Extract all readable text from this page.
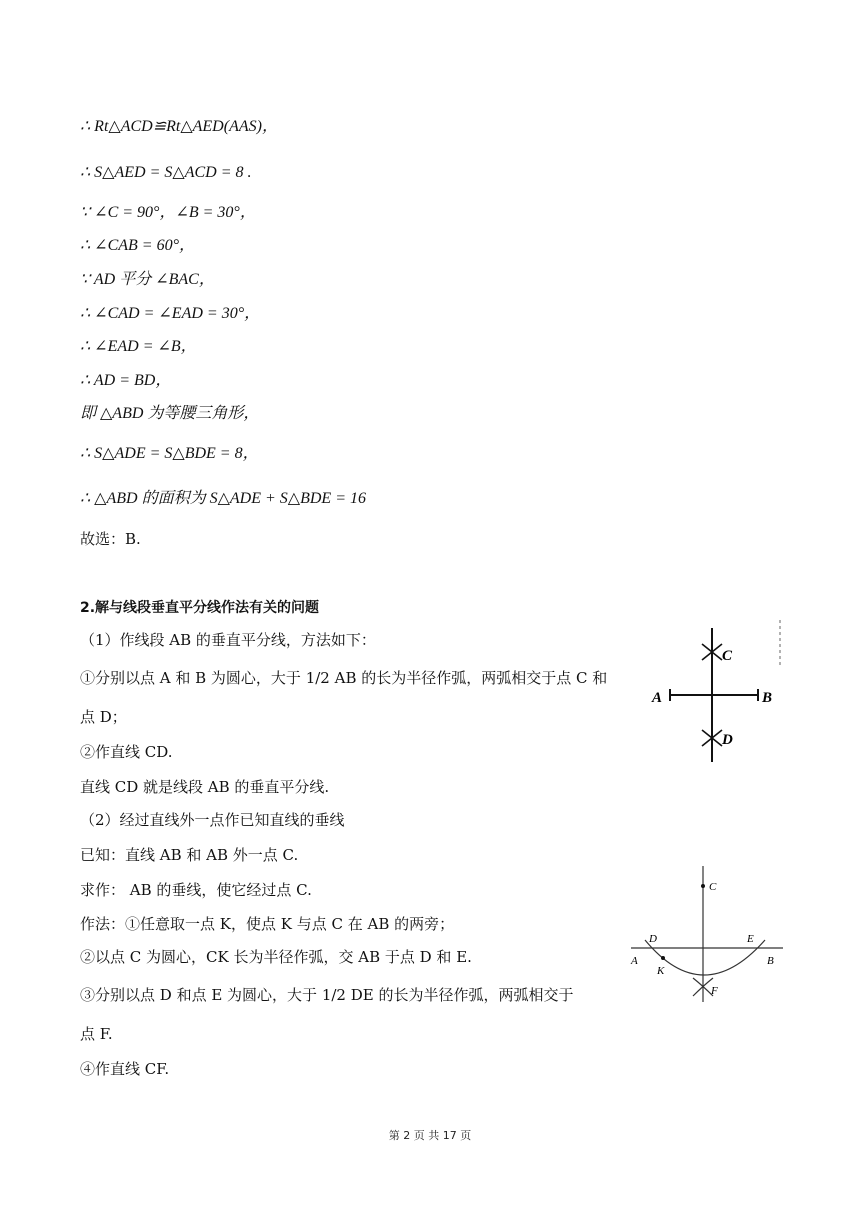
∴ Rt△ACD≌Rt△AED(AAS)，
∴ S△AED = S△ACD = 8 .
∵ ∠C = 90°，∠B = 30°，
∴ ∠CAB = 60°，
∵ AD 平分 ∠BAC，
∴ ∠CAD = ∠EAD = 30°，
∴ ∠EAD = ∠B，
∴ AD = BD，
即 △ABD 为等腰三角形，
∴ S△ADE = S△BDE = 8，
∴ △ABD 的面积为 S△ADE + S△BDE = 16
故选：B.
2.解与线段垂直平分线作法有关的问题
（1）作线段 AB 的垂直平分线，方法如下：
①分别以点 A 和 B 为圆心，大于 1/2 AB 的长为半径作弧，两弧相交于点 C 和
点 D；
②作直线 CD.
直线 CD 就是线段 AB 的垂直平分线.
（2）经过直线外一点作已知直线的垂线
已知：直线 AB 和 AB 外一点 C.
求作： AB 的垂线，使它经过点 C.
作法：①任意取一点 K，使点 K 与点 C 在 AB 的两旁；
②以点 C 为圆心，CK 长为半径作弧，交 AB 于点 D 和 E.
③分别以点 D 和点 E 为圆心，大于 1/2 DE 的长为半径作弧，两弧相交于
点 F.
④作直线 CF.
A	B
C
D
C
D	E
A	B
K
F
第 2 页 共 17 页
